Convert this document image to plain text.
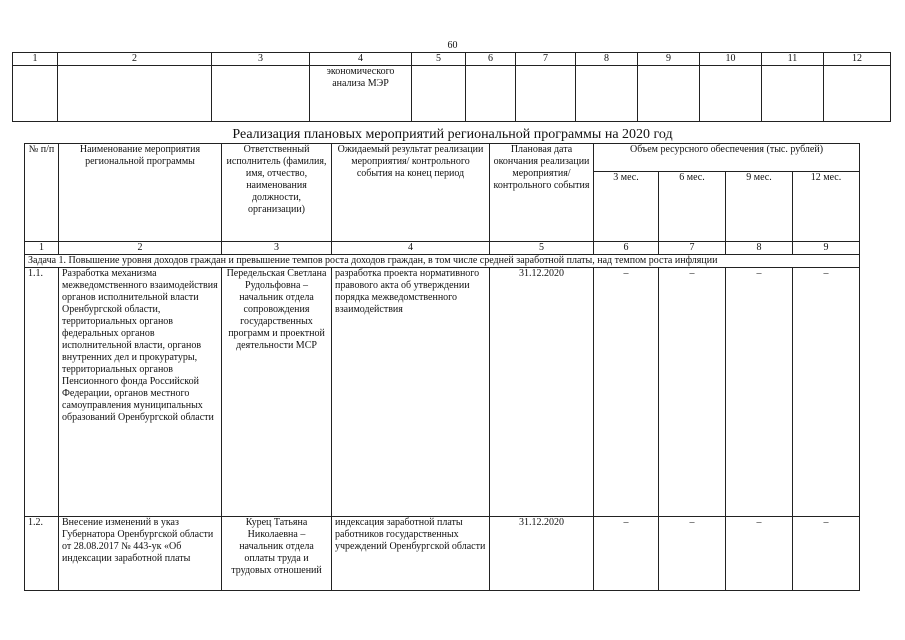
60
1	2	3	4	5	6	7	8	9	10	11	12
			экономического анализа МЭР								
Реализация плановых мероприятий региональной программы на 2020 год
№ п/п	Наименование мероприятия региональной программы	Ответственный исполнитель (фамилия, имя, отчество, наименования должности, организации)	Ожидаемый результат реализации мероприятия/ контрольного события на конец период	Плановая дата окончания реализации мероприятия/ контрольного события	Объем ресурсного обеспечения (тыс. рублей)			
					3 мес.	6 мес.	9 мес.	12 мес.
1	2	3	4	5	6	7	8	9
Задача 1. Повышение уровня доходов граждан и превышение темпов роста доходов граждан, в том числе средней заработной платы, над темпом роста инфляции								
1.1.	Разработка механизма межведомственного взаимодействия органов исполнительной власти Оренбургской области, территориальных органов федеральных органов исполнительной власти, органов внутренних дел и прокуратуры, территориальных органов Пенсионного фонда Российской Федерации, органов местного самоуправления муниципальных образований Оренбургской области	Передельская Светлана Рудольфовна – начальник отдела сопровождения государственных программ и проектной деятельности МСР	разработка проекта нормативного правового акта об утверждении порядка межведомственного взаимодействия	31.12.2020	–	–	–	–
1.2.	Внесение изменений в указ Губернатора Оренбургской области от 28.08.2017 № 443-ук «Об индексации заработной платы	Курец Татьяна Николаевна – начальник отдела оплаты труда и трудовых отношений	индексация заработной платы работников государственных учреждений Оренбургской области	31.12.2020	–	–	–	–
